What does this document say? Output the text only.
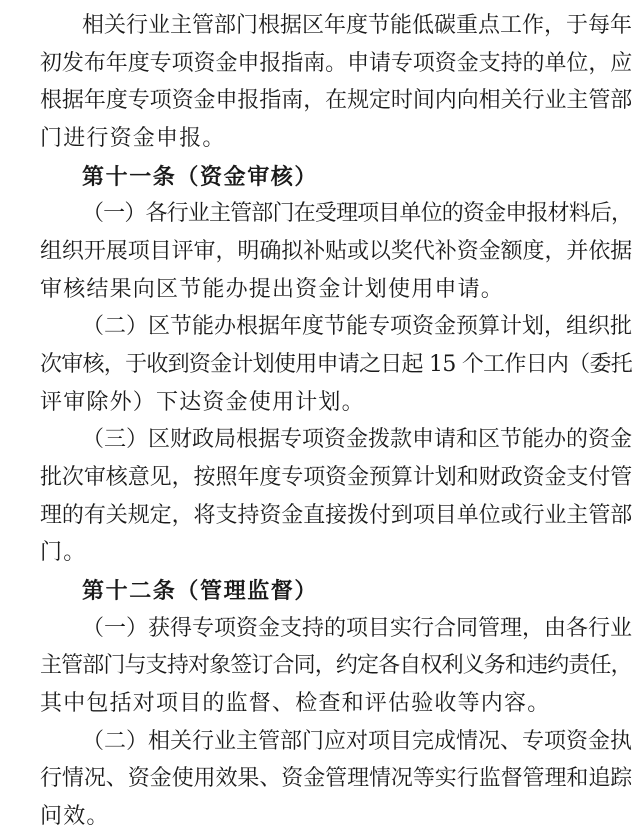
相关行业主管部门根据区年度节能低碳重点工作，于每年
初发布年度专项资金申报指南。申请专项资金支持的单位，应
根据年度专项资金申报指南，在规定时间内向相关行业主管部
门进行资金申报。
第十一条（资金审核）
（一）各行业主管部门在受理项目单位的资金申报材料后，
组织开展项目评审，明确拟补贴或以奖代补资金额度，并依据
审核结果向区节能办提出资金计划使用申请。
（二）区节能办根据年度节能专项资金预算计划，组织批
次审核，于收到资金计划使用申请之日起 15 个工作日内（委托
评审除外）下达资金使用计划。
（三）区财政局根据专项资金拨款申请和区节能办的资金
批次审核意见，按照年度专项资金预算计划和财政资金支付管
理的有关规定，将支持资金直接拨付到项目单位或行业主管部
门。
第十二条（管理监督）
（一）获得专项资金支持的项目实行合同管理，由各行业
主管部门与支持对象签订合同，约定各自权利义务和违约责任，
其中包括对项目的监督、检查和评估验收等内容。
（二）相关行业主管部门应对项目完成情况、专项资金执
行情况、资金使用效果、资金管理情况等实行监督管理和追踪
问效。
